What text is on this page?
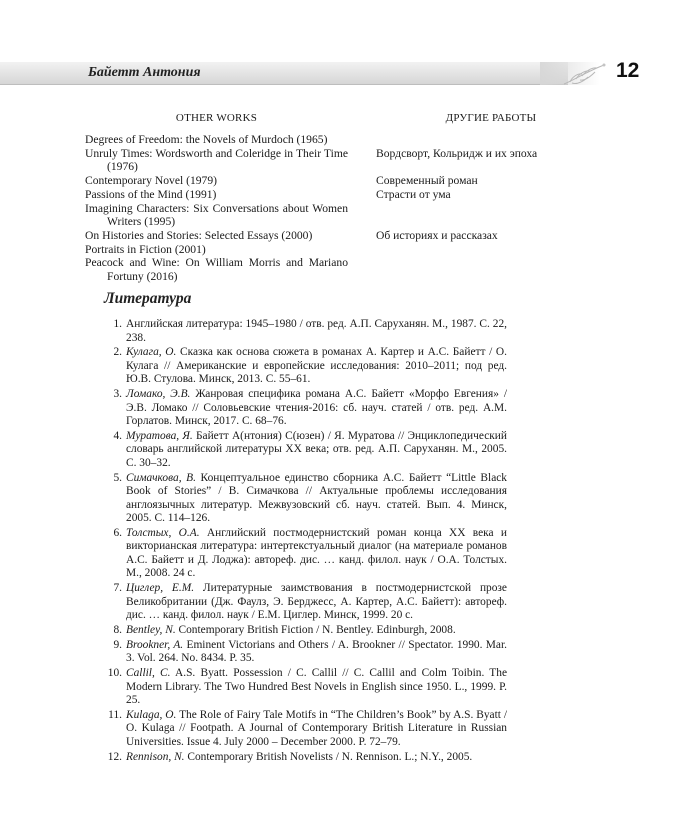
Байетт Антония	12
OTHER WORKS

Degrees of Freedom: the Novels of Murdoch (1965)

Unruly Times: Wordsworth and Coleridge in Their Time (1976)

Contemporary Novel (1979)

Passions of the Mind (1991)

Imagining Characters: Six Conversations about Women Writers (1995)

On Histories and Stories: Selected Essays (2000)

Portraits in Fiction (2001)

Peacock and Wine: On William Morris and Mariano Fortuny (2016)

ДРУГИЕ РАБОТЫ

Вордсворт, Кольридж и их эпоха

Современный роман

Страсти от ума

Об историях и рассказах

Литература
1. Английская литература: 1945–1980 / отв. ред. А.П. Саруханян. М., 1987. С. 22, 238.
2. Кулага, О. Сказка как основа сюжета в романах А. Картер и А.С. Байетт / О. Кулага // Американские и европейские исследования: 2010–2011; под ред. Ю.В. Стулова. Минск, 2013. С. 55–61.
3. Ломако, Э.В. Жанровая специфика романа А.С. Байетт «Морфо Евгения» / Э.В. Ломако // Соловьевские чтения-2016: сб. науч. статей / отв. ред. А.М. Горлатов. Минск, 2017. С. 68–76.
4. Муратова, Я. Байетт А(нтония) С(юзен) / Я. Муратова // Энциклопедический словарь английской литературы XX века; отв. ред. А.П. Саруханян. М., 2005. С. 30–32.
5. Симачкова, В. Концептуальное единство сборника А.С. Байетт “Little Black Book of Stories” / В. Симачкова // Актуальные проблемы исследования англоязычных литератур. Межвузовский сб. науч. статей. Вып. 4. Минск, 2005. С. 114–126.
6. Толстых, О.А. Английский постмодернистский роман конца XX века и викторианская литература: интертекстуальный диалог (на материале романов А.С. Байетт и Д. Лоджа): автореф. дис. … канд. филол. наук / О.А. Толстых. М., 2008. 24 с.
7. Циглер, Е.М. Литературные заимствования в постмодернистской прозе Великобритании (Дж. Фаулз, Э. Берджесс, А. Картер, А.С. Байетт): автореф. дис. … канд. филол. наук / Е.М. Циглер. Минск, 1999. 20 с.
8. Bentley, N. Contemporary British Fiction / N. Bentley. Edinburgh, 2008.
9. Brookner, A. Eminent Victorians and Others / A. Brookner // Spectator. 1990. Mar. 3. Vol. 264. No. 8434. P. 35.
10. Callil, C. A.S. Byatt. Possession / C. Callil // C. Callil and Colm Toibin. The Modern Library. The Two Hundred Best Novels in English since 1950. L., 1999. P. 25.
11. Kulaga, O. The Role of Fairy Tale Motifs in “The Children’s Book” by A.S. Byatt / O. Kulaga // Footpath. A Journal of Contemporary British Literature in Russian Universities. Issue 4. July 2000 – December 2000. P. 72–79.
12. Rennison, N. Contemporary British Novelists / N. Rennison. L.; N.Y., 2005.
